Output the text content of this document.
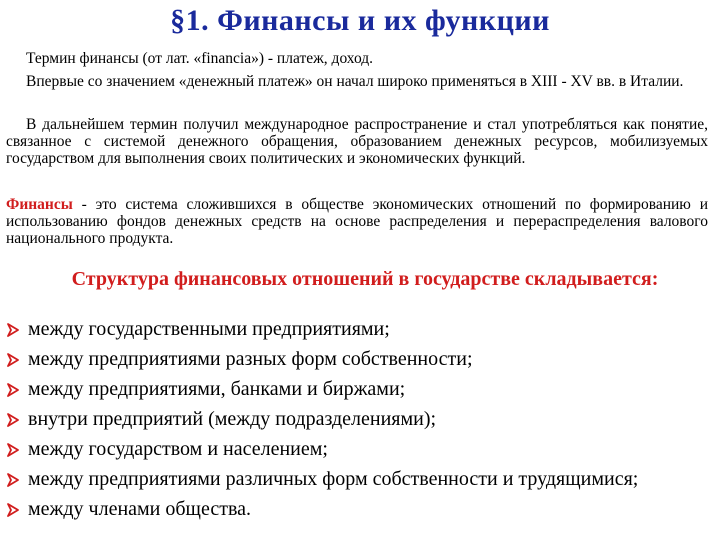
§1. Финансы и их функции
Термин финансы (от лат. «financia») - платеж, доход.
Впервые со значением «денежный платеж» он начал широко применяться в XIII - XV вв. в Италии.
В дальнейшем термин получил международное распространение и стал употребляться как понятие, связанное с системой денежного обращения, образованием денежных ресурсов, мобилизуемых государством для выполнения своих политических и экономических функций.
Финансы - это система сложившихся в обществе экономических отношений по формированию и использованию фондов денежных средств на основе распределения и перераспределения валового национального продукта.
Структура финансовых отношений в государстве складывается:
между государственными предприятиями;
между предприятиями разных форм собственности;
между предприятиями, банками и биржами;
внутри предприятий (между подразделениями);
между государством и населением;
между предприятиями различных форм собственности и трудящимися;
между членами общества.
